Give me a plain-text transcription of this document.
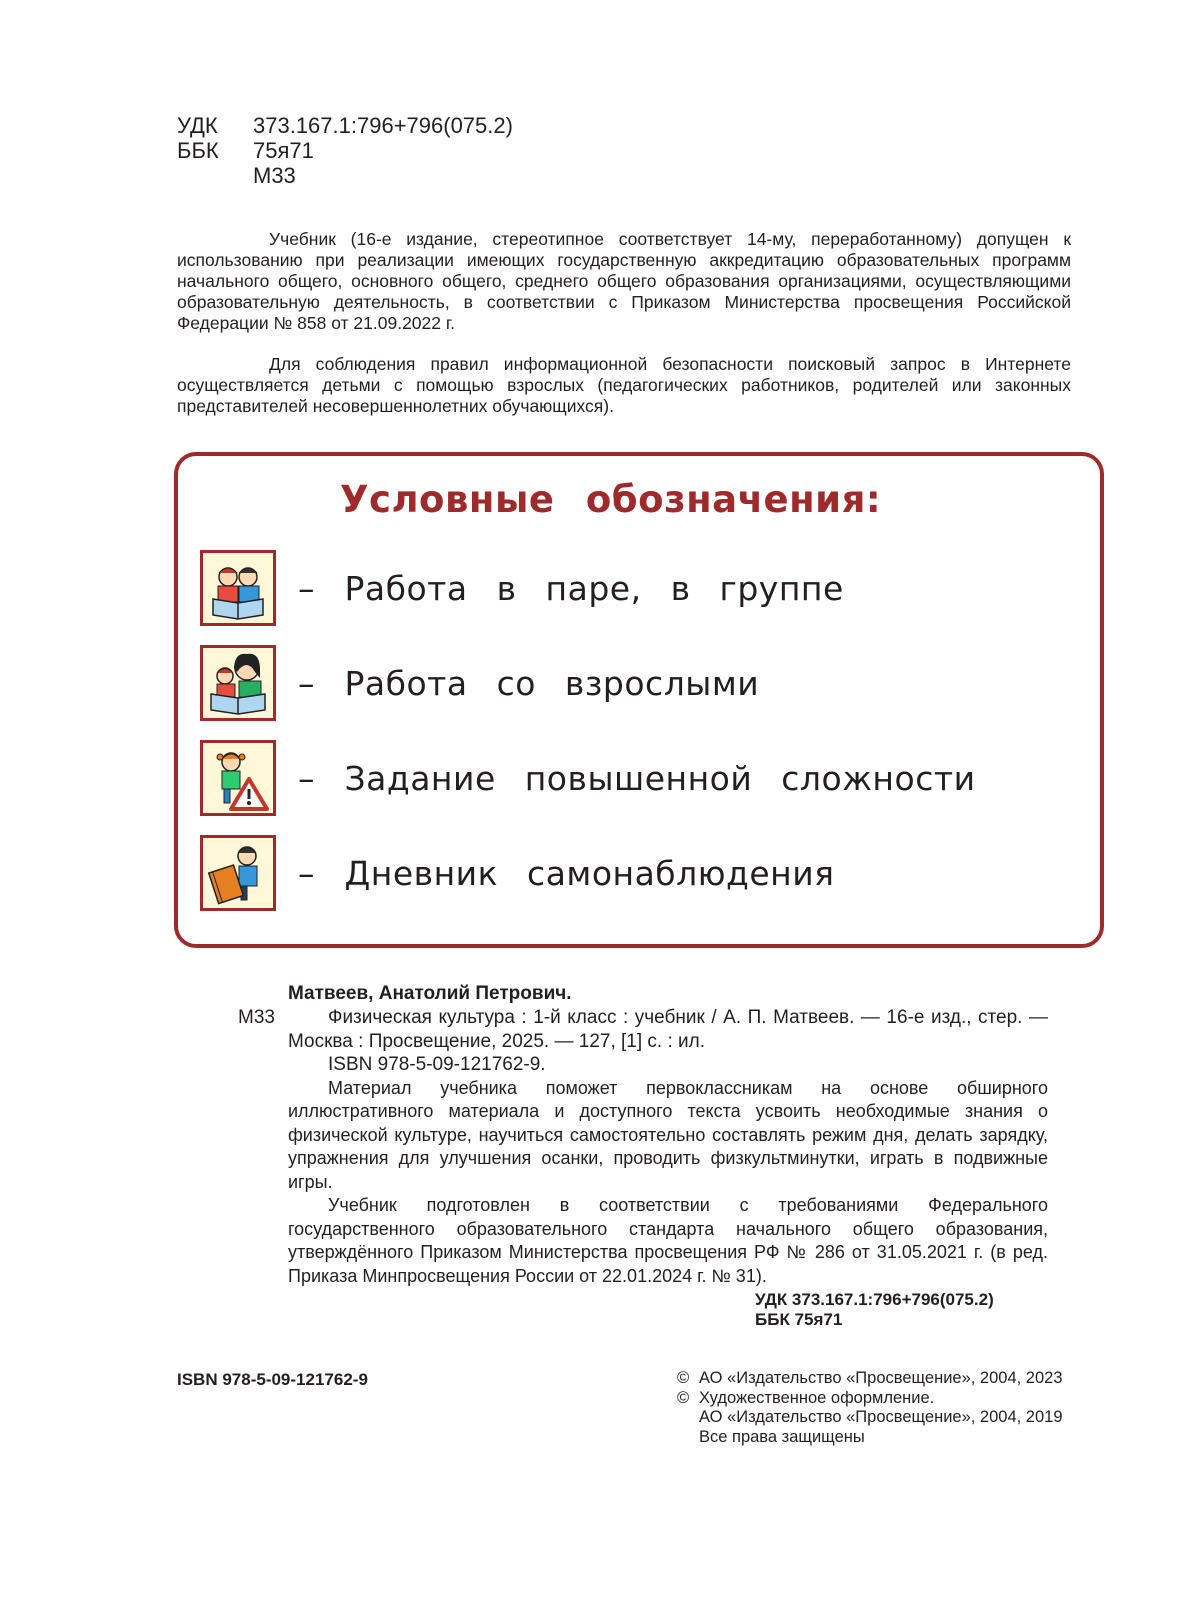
УДК	373.167.1:796+796(075.2)
ББК	75я71
М33
Учебник (16-е издание, стереотипное соответствует 14-му, переработанному) допущен к использованию при реализации имеющих государственную аккредитацию образовательных программ начального общего, основного общего, среднего общего образования организациями, осуществляющими образовательную деятельность, в соответствии с Приказом Министерства просвещения Российской Федерации № 858 от 21.09.2022 г.
Для соблюдения правил информационной безопасности поисковый запрос в Интернете осуществляется детьми с помощью взрослых (педагогических работников, родителей или законных представителей несовершеннолетних обучающихся).
Условные обозначения:
– Работа в паре, в группе
– Работа со взрослыми
– Задание повышенной сложности
– Дневник самонаблюдения
Матвеев, Анатолий Петрович.
М33	Физическая культура : 1-й класс : учебник / А. П. Матвеев. — 16-е изд., стер. — Москва : Просвещение, 2025. — 127, [1] с. : ил.
ISBN 978-5-09-121762-9.
Материал учебника поможет первоклассникам на основе обширного иллюстративного материала и доступного текста усвоить необходимые знания о физической культуре, научиться самостоятельно составлять режим дня, делать зарядку, упражнения для улучшения осанки, проводить физкультминутки, играть в подвижные игры.
Учебник подготовлен в соответствии с требованиями Федерального государственного образовательного стандарта начального общего образования, утверждённого Приказом Министерства просвещения РФ № 286 от 31.05.2021 г. (в ред. Приказа Минпросвещения России от 22.01.2024 г. № 31).
УДК 373.167.1:796+796(075.2)
ББК 75я71
ISBN 978-5-09-121762-9	© АО «Издательство «Просвещение», 2004, 2023
© Художественное оформление.
АО «Издательство «Просвещение», 2004, 2019
Все права защищены
